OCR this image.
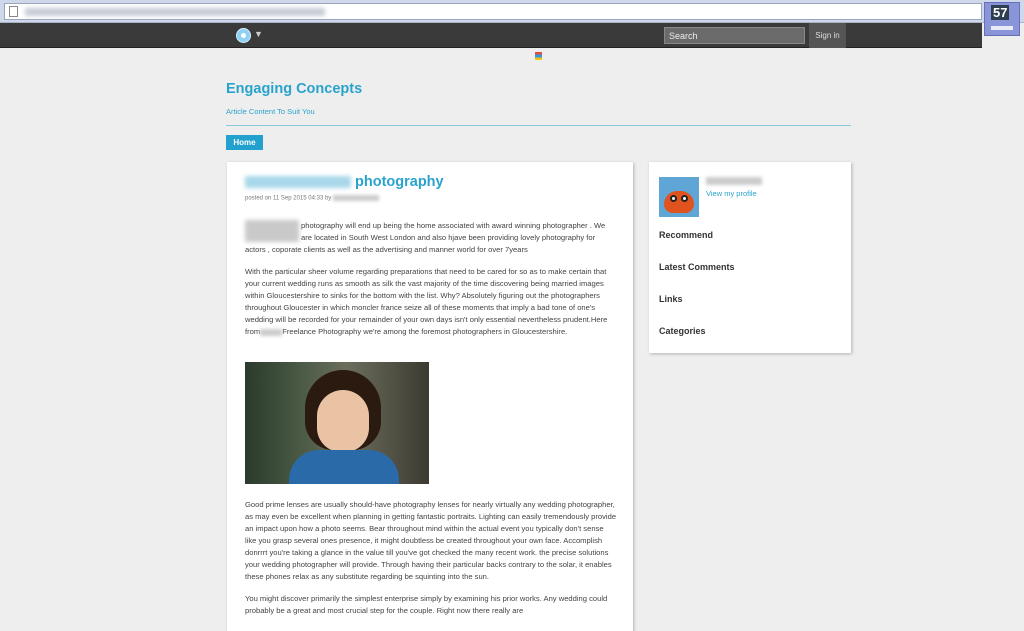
57
▼	Search	Sign in
Engaging Concepts
Article Content To Suit You
Home
photography
posted on 11 Sep 2015 04:33 by

photography will end up being the home associated with award winning photographer . We are located in South West London and also hjave been providing lovely photography for actors , coporate clients as well as the advertising and manner world for over 7years

With the particular sheer volume regarding preparations that need to be cared for so as to make certain that your current wedding runs as smooth as silk the vast majority of the time discovering being married images within Gloucestershire to sinks for the bottom with the list. Why? Absolutely figuring out the photographers throughout Gloucester in which moncler france seize all of these moments that imply a bad tone of one's wedding will be recorded for your remainder of your own days isn't only essential nevertheless prudent.Here from	Freelance Photography we're among the foremost photographers in Gloucestershire.

Good prime lenses are usually should-have photography lenses for nearly virtually any wedding photographer, as may even be excellent when planning in getting fantastic portraits. Lighting can easily tremendously provide an impact upon how a photo seems. Bear throughout mind within the actual event you typically don't sense like you grasp several ones presence, it might doubtless be created throughout your own face. Accomplish donrrrt you're taking a glance in the value till you've got checked the many recent work. the precise solutions your wedding photographer will provide. Through having their particular backs contrary to the solar, it enables these phones relax as any substitute regarding be squinting into the sun.

You might discover primarily the simplest enterprise simply by examining his prior works. Any wedding could probably be a great and most crucial step for the couple. Right now there really are

View my profile
Recommend
Latest Comments
Links
Categories
